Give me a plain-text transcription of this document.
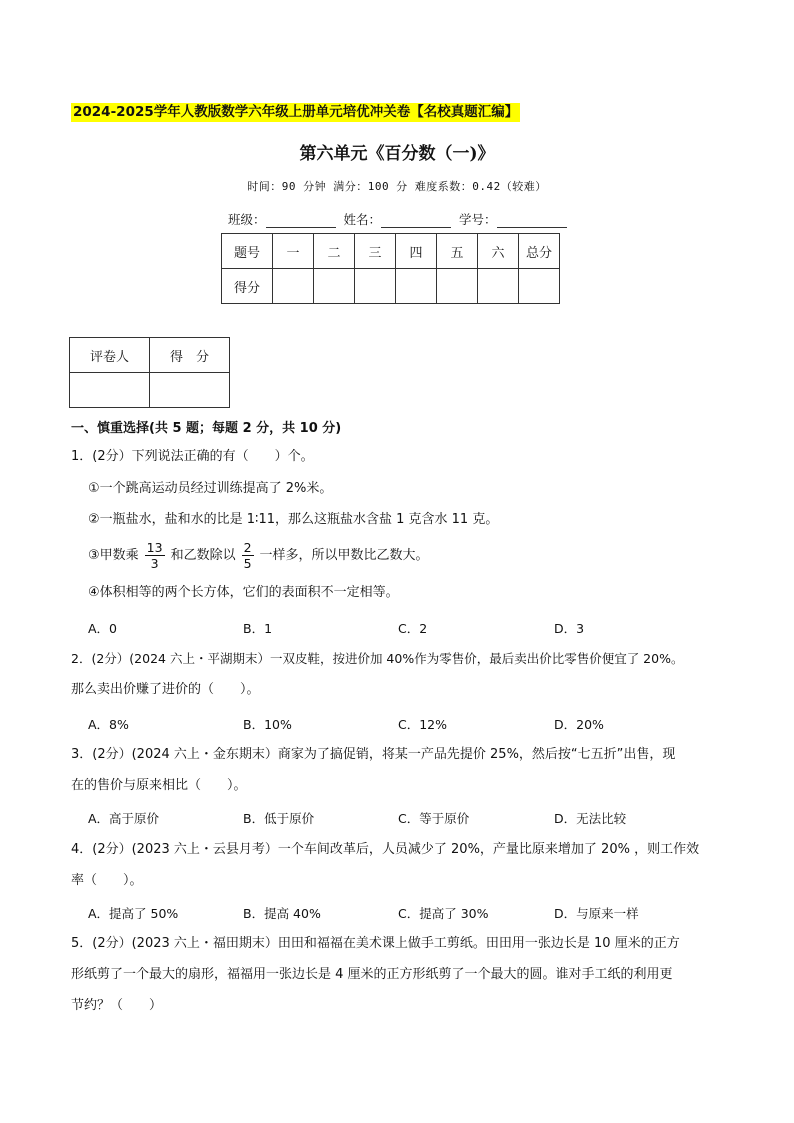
2024-2025学年人教版数学六年级上册单元培优冲关卷【名校真题汇编】
第六单元《百分数（一)》
时间：90 分钟 满分：100 分 难度系数：0.42（较难）
班级：	姓名：	学号：
题号	一	二	三	四	五	六	总分
得分							
评卷人	得　分

一、慎重选择(共 5 题；每题 2 分，共 10 分)
1．(2分）下列说法正确的有（　　）个。
①一个跳高运动员经过训练提高了 2%米。
②一瓶盐水，盐和水的比是 1∶11，那么这瓶盐水含盐 1 克含水 11 克。
③甲数乘 $\frac{13}{3}$ 和乙数除以 $\frac{2}{5}$ 一样多，所以甲数比乙数大。
④体积相等的两个长方体，它们的表面积不一定相等。
A．0	B．1	C．2	D．3
2．(2分）(2024 六上・平湖期末）一双皮鞋，按进价加 40%作为零售价，最后卖出价比零售价便宜了 20%。
那么卖出价赚了进价的（　　）。
A．8%	B．10%	C．12%	D．20%
3．(2分）(2024 六上・金东期末）商家为了搞促销，将某一产品先提价 25%，然后按“七五折”出售，现
在的售价与原来相比（　　）。
A．高于原价	B．低于原价	C．等于原价	D．无法比较
4．(2分）(2023 六上・云县月考）一个车间改革后，人员减少了 20%，产量比原来增加了 20% ，则工作效
率（　　）。
A．提高了 50%	B．提高 40%	C．提高了 30%	D．与原来一样
5．(2分）(2023 六上・福田期末）田田和福福在美术课上做手工剪纸。田田用一张边长是 10 厘米的正方
形纸剪了一个最大的扇形，福福用一张边长是 4 厘米的正方形纸剪了一个最大的圆。谁对手工纸的利用更
节约？（　　）
